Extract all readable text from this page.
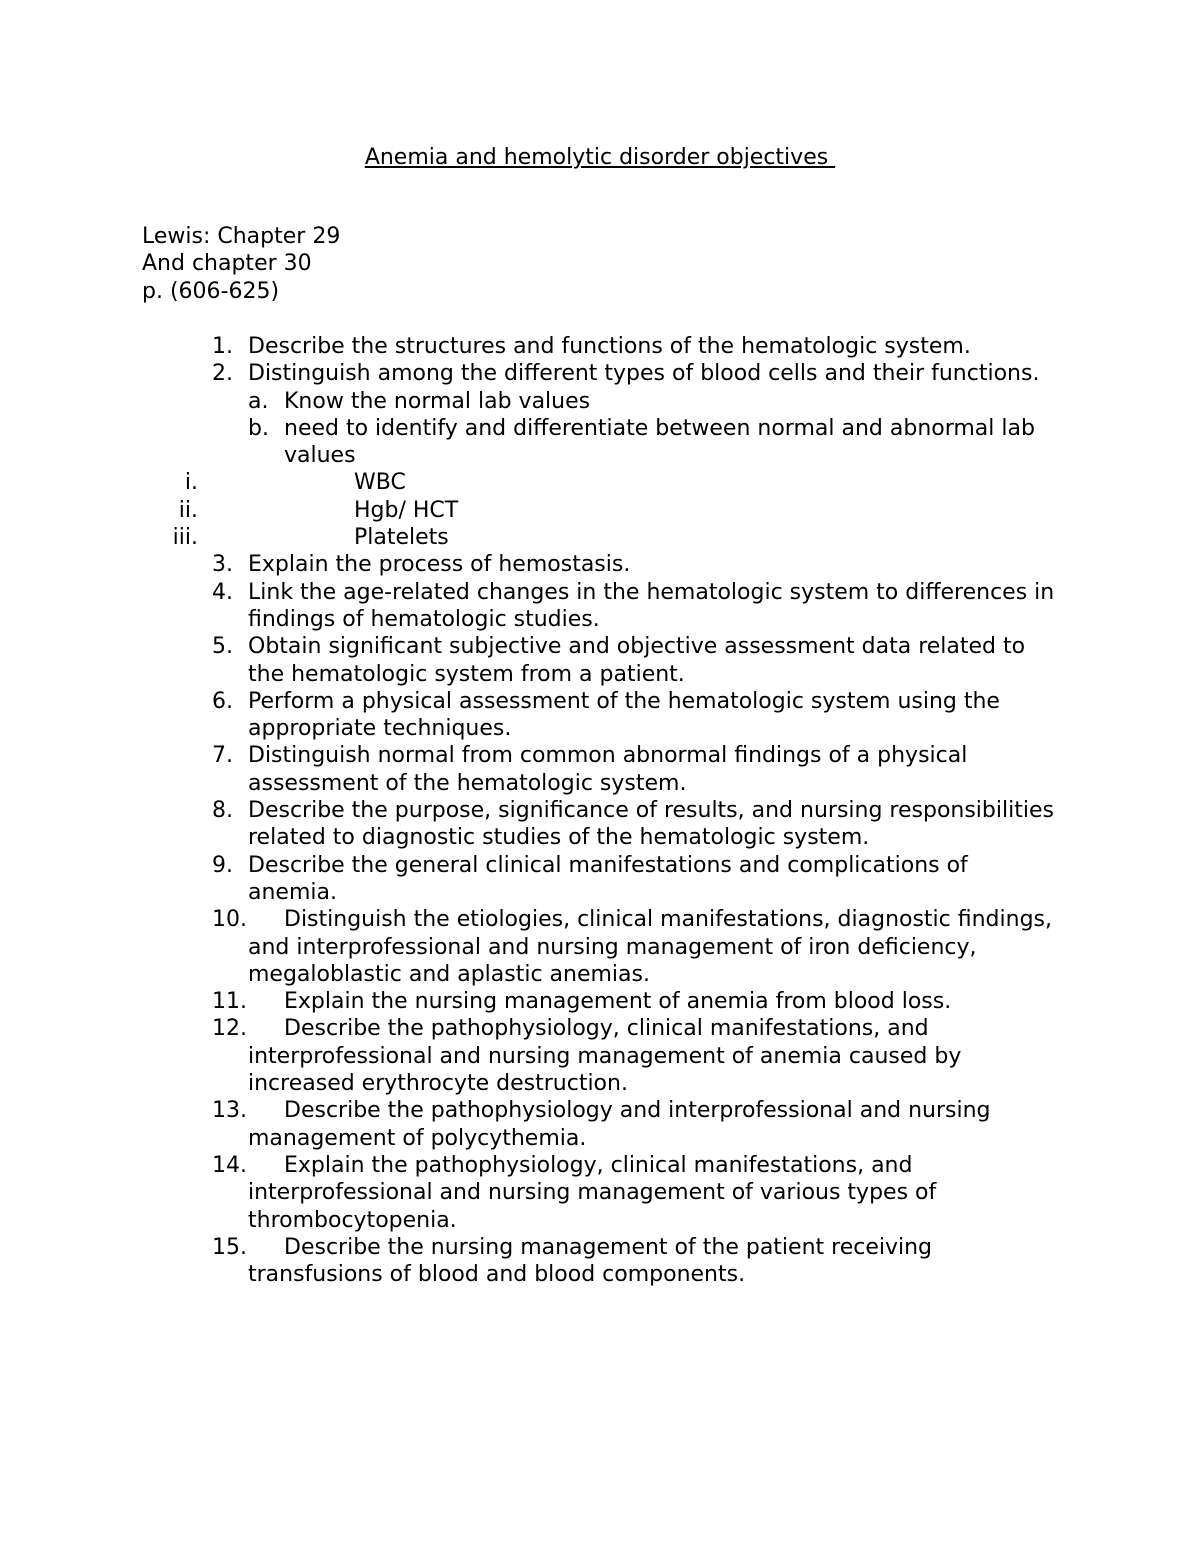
Anemia and hemolytic disorder objectives
Lewis: Chapter 29
And chapter 30
p. (606-625)
1. Describe the structures and functions of the hematologic system.
2. Distinguish among the different types of blood cells and their functions.
a. Know the normal lab values
b. need to identify and differentiate between normal and abnormal lab values
i.	WBC
ii.	Hgb/ HCT
iii.	Platelets
3. Explain the process of hemostasis.
4. Link the age-related changes in the hematologic system to differences in findings of hematologic studies.
5. Obtain significant subjective and objective assessment data related to the hematologic system from a patient.
6. Perform a physical assessment of the hematologic system using the appropriate techniques.
7. Distinguish normal from common abnormal findings of a physical assessment of the hematologic system.
8. Describe the purpose, significance of results, and nursing responsibilities related to diagnostic studies of the hematologic system.
9. Describe the general clinical manifestations and complications of anemia.
10. Distinguish the etiologies, clinical manifestations, diagnostic findings, and interprofessional and nursing management of iron deficiency, megaloblastic and aplastic anemias.
11. Explain the nursing management of anemia from blood loss.
12. Describe the pathophysiology, clinical manifestations, and interprofessional and nursing management of anemia caused by increased erythrocyte destruction.
13. Describe the pathophysiology and interprofessional and nursing management of polycythemia.
14. Explain the pathophysiology, clinical manifestations, and interprofessional and nursing management of various types of thrombocytopenia.
15. Describe the nursing management of the patient receiving transfusions of blood and blood components.
